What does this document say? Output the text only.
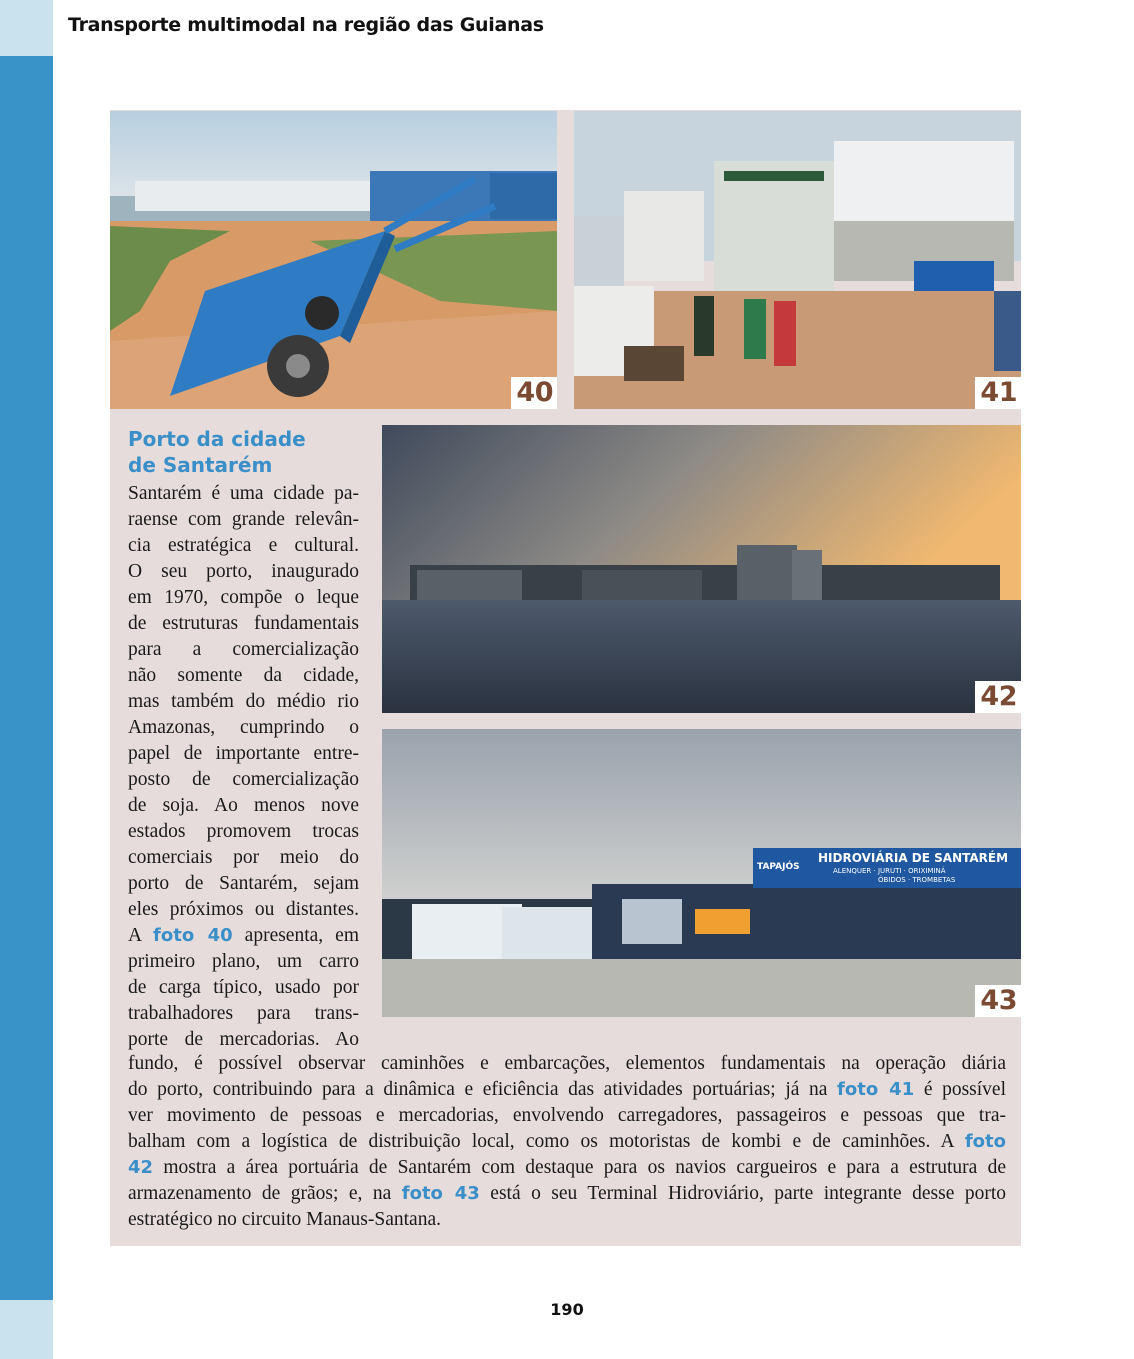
Transporte multimodal na região das Guianas
40	41
42
TAPAJÓS
HIDROVIÁRIA DE SANTARÉM
ALENQUER · JURUTI · ORIXIMINÁ
ÓBIDOS · TROMBETAS
43
Porto da cidade
de Santarém
Santarém é uma cidade pa-
raense com grande relevân-
cia estratégica e cultural.
O seu porto, inaugurado
em 1970, compõe o leque
de estruturas fundamentais
para a comercialização
não somente da cidade,
mas também do médio rio
Amazonas, cumprindo o
papel de importante entre-
posto de comercialização
de soja. Ao menos nove
estados promovem trocas
comerciais por meio do
porto de Santarém, sejam
eles próximos ou distantes.
A foto 40 apresenta, em
primeiro plano, um carro
de carga típico, usado por
trabalhadores para trans-
porte de mercadorias. Ao
fundo, é possível observar caminhões e embarcações, elementos fundamentais na operação diária
do porto, contribuindo para a dinâmica e eficiência das atividades portuárias; já na foto 41 é possível
ver movimento de pessoas e mercadorias, envolvendo carregadores, passageiros e pessoas que tra-
balham com a logística de distribuição local, como os motoristas de kombi e de caminhões. A foto
42 mostra a área portuária de Santarém com destaque para os navios cargueiros e para a estrutura de
armazenamento de grãos; e, na foto 43 está o seu Terminal Hidroviário, parte integrante desse porto
estratégico no circuito Manaus-Santana.
190
